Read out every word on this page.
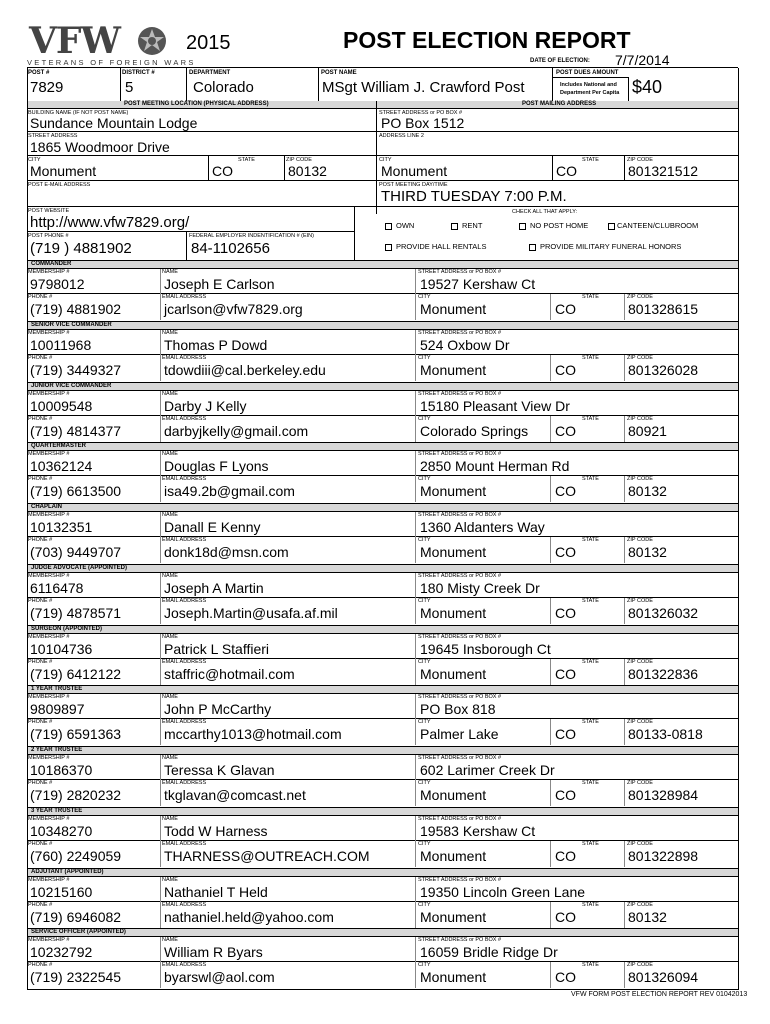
VFW
VETERANS OF FOREIGN WARS
2015	POST ELECTION REPORT
DATE OF ELECTION: 7/7/2014
POST #	DISTRICT #	DEPARTMENT	POST NAME	POST DUES AMOUNT
Includes National and
Department Per Capita
7829	5	Colorado	MSgt William J. Crawford Post	$40
POST MEETING LOCATION (PHYSICAL ADDRESS)	POST MAILING ADDRESS
BUILDING NAME (IF NOT POST NAME)
Sundance Mountain Lodge
STREET ADDRESS or PO BOX #
PO Box 1512
STREET ADDRESS
1865 Woodmoor Drive
ADDRESS LINE 2
CITY	STATE	ZIP CODE	CITY	STATE	ZIP CODE
Monument	CO	80132	Monument	CO	801321512
POST E-MAIL ADDRESS	POST MEETING DAY/TIME
THIRD TUESDAY 7:00 P.M.
POST WEBSITE
http://www.vfw7829.org/
CHECK ALL THAT APPLY:
POST PHONE #	FEDERAL EMPLOYER INDENTIFICATION # (EIN)
(719 ) 4881902	84-1102656
OWN	RENT	NO POST HOME	CANTEEN/CLUBROOM
PROVIDE HALL RENTALS	PROVIDE MILITARY FUNERAL HONORS
COMMANDER
MEMBERSHIP #	NAME	STREET ADDRESS or PO BOX #
9798012	Joseph E Carlson	19527 Kershaw Ct
PHONE #	EMAIL ADDRESS	CITY	STATE	ZIP CODE
(719) 4881902	jcarlson@vfw7829.org	Monument	CO	801328615
SENIOR VICE COMMANDER
MEMBERSHIP #	NAME	STREET ADDRESS or PO BOX #
10011968	Thomas P Dowd	524 Oxbow Dr
PHONE #	EMAIL ADDRESS	CITY	STATE	ZIP CODE
(719) 3449327	tdowdiii@cal.berkeley.edu	Monument	CO	801326028
JUNIOR VICE COMMANDER
MEMBERSHIP #	NAME	STREET ADDRESS or PO BOX #
10009548	Darby J Kelly	15180 Pleasant View Dr
PHONE #	EMAIL ADDRESS	CITY	STATE	ZIP CODE
(719) 4814377	darbyjkelly@gmail.com	Colorado Springs CO	80921
QUARTERMASTER
MEMBERSHIP #	NAME	STREET ADDRESS or PO BOX #
10362124	Douglas F Lyons	2850 Mount Herman Rd
PHONE #	EMAIL ADDRESS	CITY	STATE	ZIP CODE
(719) 6613500	isa49.2b@gmail.com	Monument	CO	80132
CHAPLAIN
MEMBERSHIP #	NAME	STREET ADDRESS or PO BOX #
10132351	Danall E Kenny	1360 Aldanters Way
PHONE #	EMAIL ADDRESS	CITY	STATE	ZIP CODE
(703) 9449707	donk18d@msn.com	Monument	CO	80132
JUDGE ADVOCATE (APPOINTED)
MEMBERSHIP #	NAME	STREET ADDRESS or PO BOX #
6116478	Joseph A Martin	180 Misty Creek Dr
PHONE #	EMAIL ADDRESS	CITY	STATE	ZIP CODE
(719) 4878571	Joseph.Martin@usafa.af.mil	Monument	CO	801326032
SURGEON (APPOINTED)
MEMBERSHIP #	NAME	STREET ADDRESS or PO BOX #
10104736	Patrick L Staffieri	19645 Insborough Ct
PHONE #	EMAIL ADDRESS	CITY	STATE	ZIP CODE
(719) 6412122	staffric@hotmail.com	Monument	CO	801322836
1 YEAR TRUSTEE
MEMBERSHIP #	NAME	STREET ADDRESS or PO BOX #
9809897	John P McCarthy	PO Box 818
PHONE #	EMAIL ADDRESS	CITY	STATE	ZIP CODE
(719) 6591363	mccarthy1013@hotmail.com	Palmer Lake	CO	80133-0818
2 YEAR TRUSTEE
MEMBERSHIP #	NAME	STREET ADDRESS or PO BOX #
10186370	Teressa K Glavan	602 Larimer Creek Dr
PHONE #	EMAIL ADDRESS	CITY	STATE	ZIP CODE
(719) 2820232	tkglavan@comcast.net	Monument	CO	801328984
3 YEAR TRUSTEE
MEMBERSHIP #	NAME	STREET ADDRESS or PO BOX #
10348270	Todd W Harness	19583 Kershaw Ct
PHONE #	EMAIL ADDRESS	CITY	STATE	ZIP CODE
(760) 2249059	THARNESS@OUTREACH.COM	Monument	CO	801322898
ADJUTANT (APPOINTED)
MEMBERSHIP #	NAME	STREET ADDRESS or PO BOX #
10215160	Nathaniel T Held	19350 Lincoln Green Lane
PHONE #	EMAIL ADDRESS	CITY	STATE	ZIP CODE
(719) 6946082	nathaniel.held@yahoo.com	Monument	CO	80132
SERVICE OFFICER (APPOINTED)
MEMBERSHIP #	NAME	STREET ADDRESS or PO BOX #
10232792	William R Byars	16059 Bridle Ridge Dr
PHONE #	EMAIL ADDRESS	CITY	STATE	ZIP CODE
(719) 2322545	byarswl@aol.com	Monument	CO	801326094
VFW FORM POST ELECTION REPORT REV 01042013
